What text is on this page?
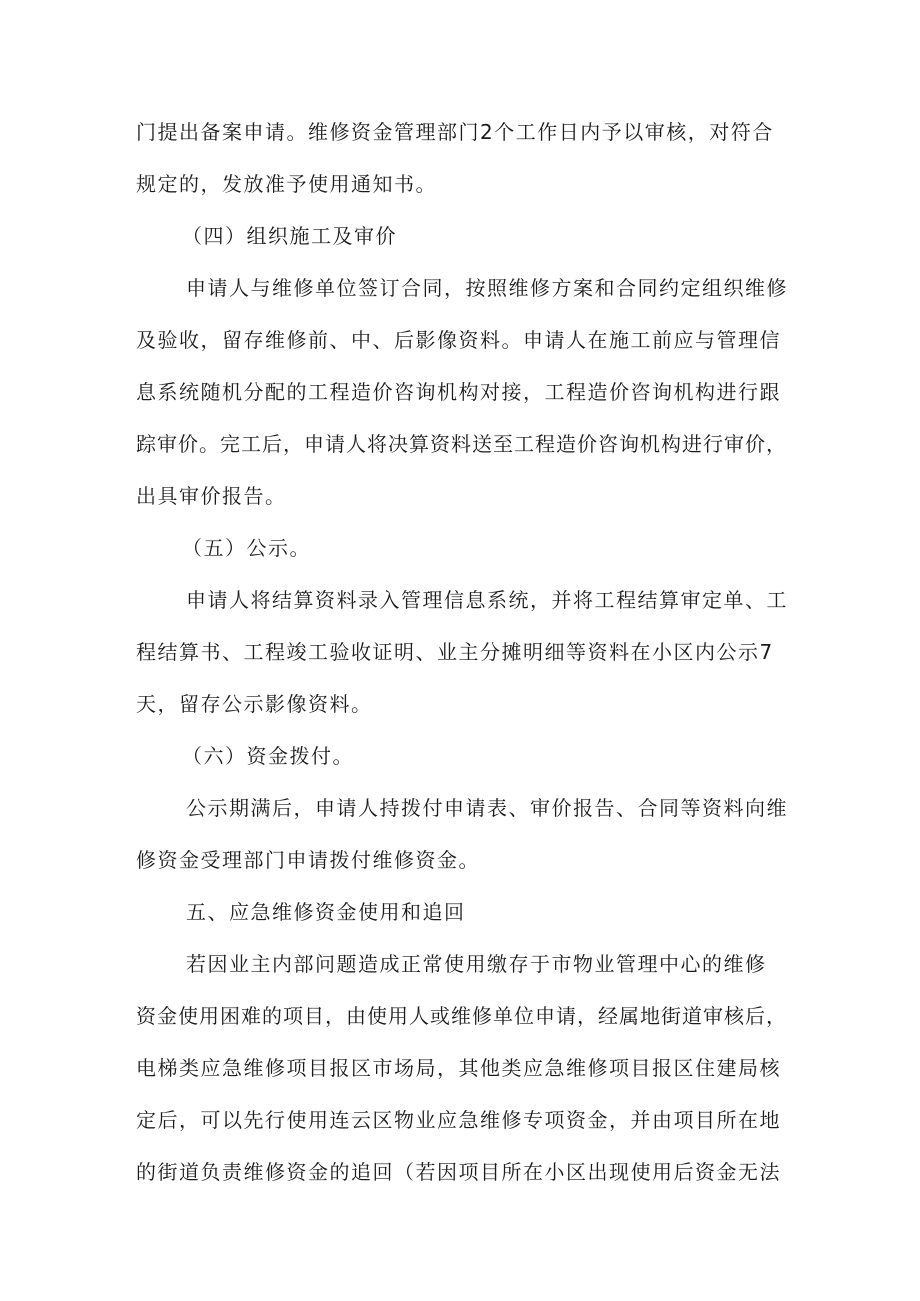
门提出备案申请。维修资金管理部门2个工作日内予以审核，对符合

规定的，发放准予使用通知书。

（四）组织施工及审价

申请人与维修单位签订合同，按照维修方案和合同约定组织维修

及验收，留存维修前、中、后影像资料。申请人在施工前应与管理信

息系统随机分配的工程造价咨询机构对接，工程造价咨询机构进行跟

踪审价。完工后，申请人将决算资料送至工程造价咨询机构进行审价，

出具审价报告。

（五）公示。

申请人将结算资料录入管理信息系统，并将工程结算审定单、工

程结算书、工程竣工验收证明、业主分摊明细等资料在小区内公示7

天，留存公示影像资料。

（六）资金拨付。

公示期满后，申请人持拨付申请表、审价报告、合同等资料向维

修资金受理部门申请拨付维修资金。

五、应急维修资金使用和追回

若因业主内部问题造成正常使用缴存于市物业管理中心的维修

资金使用困难的项目，由使用人或维修单位申请，经属地街道审核后，

电梯类应急维修项目报区市场局，其他类应急维修项目报区住建局核

定后，可以先行使用连云区物业应急维修专项资金，并由项目所在地

的街道负责维修资金的追回（若因项目所在小区出现使用后资金无法
